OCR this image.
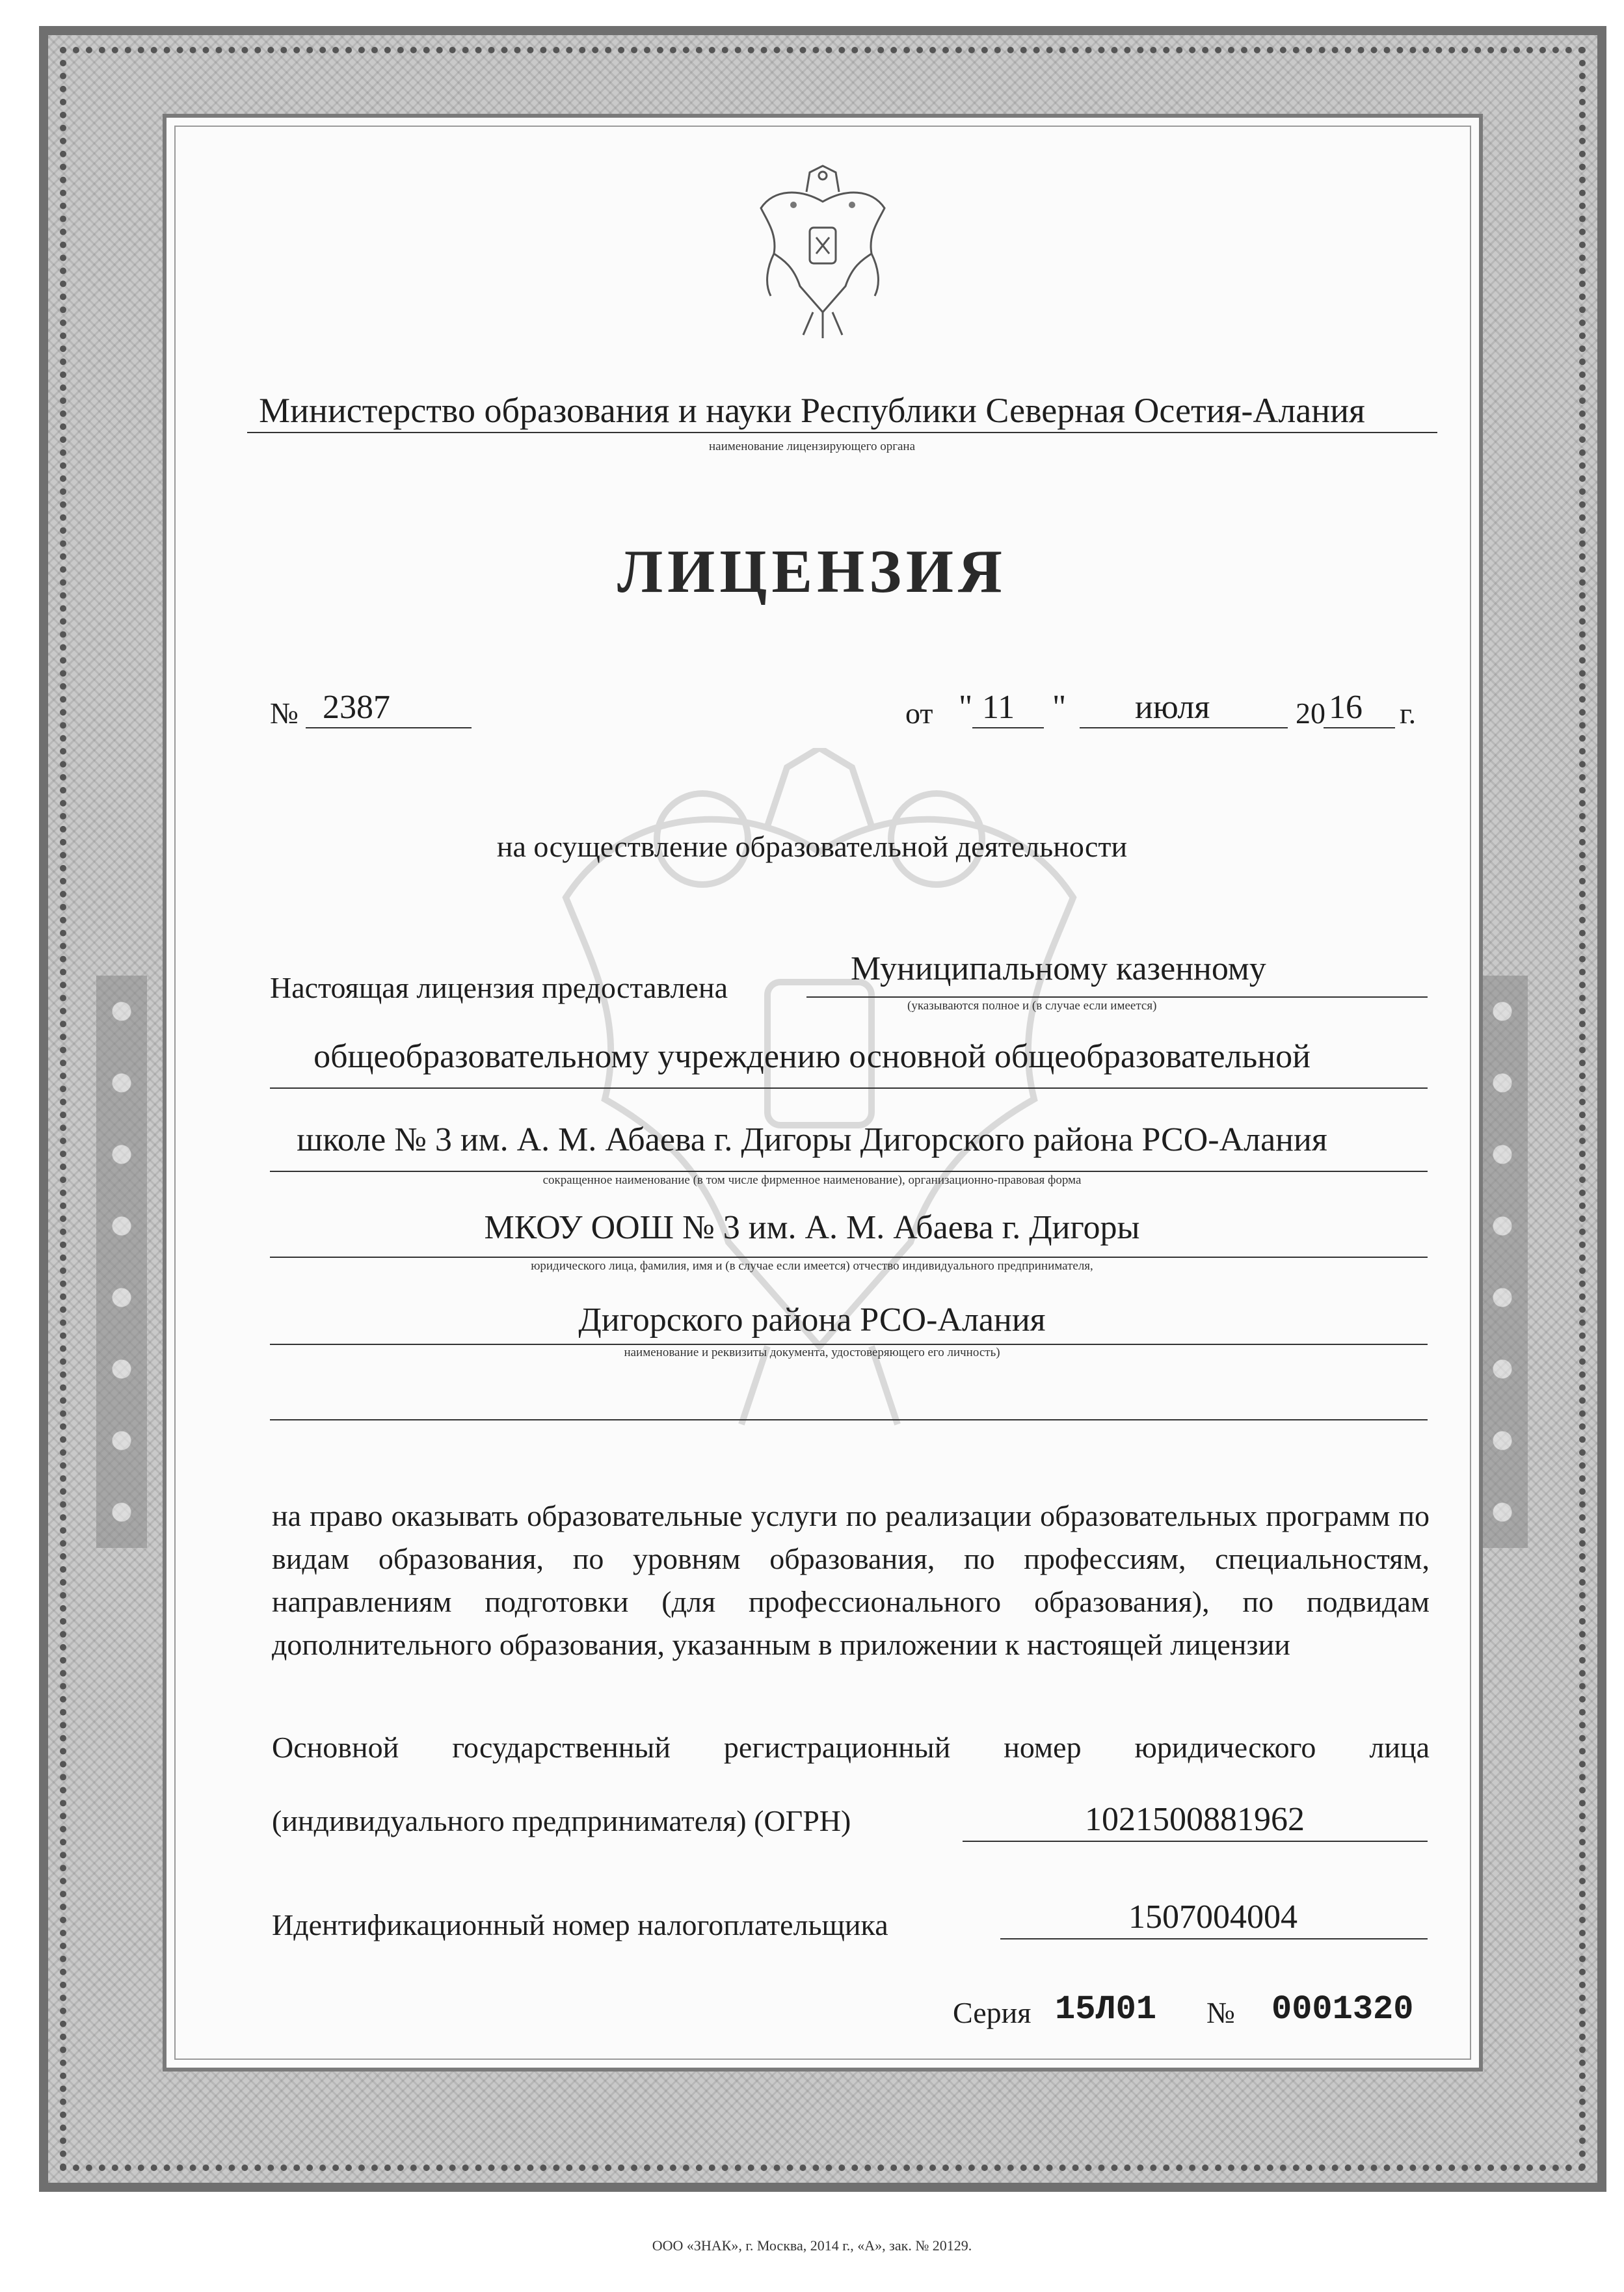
Министерство образования и науки Республики Северная Осетия-Алания
наименование лицензирующего органа
ЛИЦЕНЗИЯ
№ 2387	от " 11 " июля	20 16 г.
на осуществление образовательной деятельности
Настоящая лицензия предоставлена
Муниципальному казенному
(указываются полное и (в случае если имеется)
общеобразовательному учреждению основной общеобразовательной
школе № 3 им. А. М. Абаева г. Дигоры Дигорского района РСО-Алания
сокращенное наименование (в том числе фирменное наименование), организационно-правовая форма
МКОУ ООШ № 3 им. А. М. Абаева г. Дигоры
юридического лица, фамилия, имя и (в случае если имеется) отчество индивидуального предпринимателя,
Дигорского района РСО-Алания
наименование и реквизиты документа, удостоверяющего его личность)
на право оказывать образовательные услуги по реализации образовательных программ по видам образования, по уровням образования, по профессиям, специальностям, направлениям подготовки (для профессионального образования), по подвидам дополнительного образования, указанным в приложении к настоящей лицензии
Основной государственный регистрационный номер юридического лица
(индивидуального предпринимателя) (ОГРН)	1021500881962
Идентификационный номер налогоплательщика	1507004004
Серия 15Л01 № 0001320
ООО «ЗНАК», г. Москва, 2014 г., «А», зак. № 20129.
